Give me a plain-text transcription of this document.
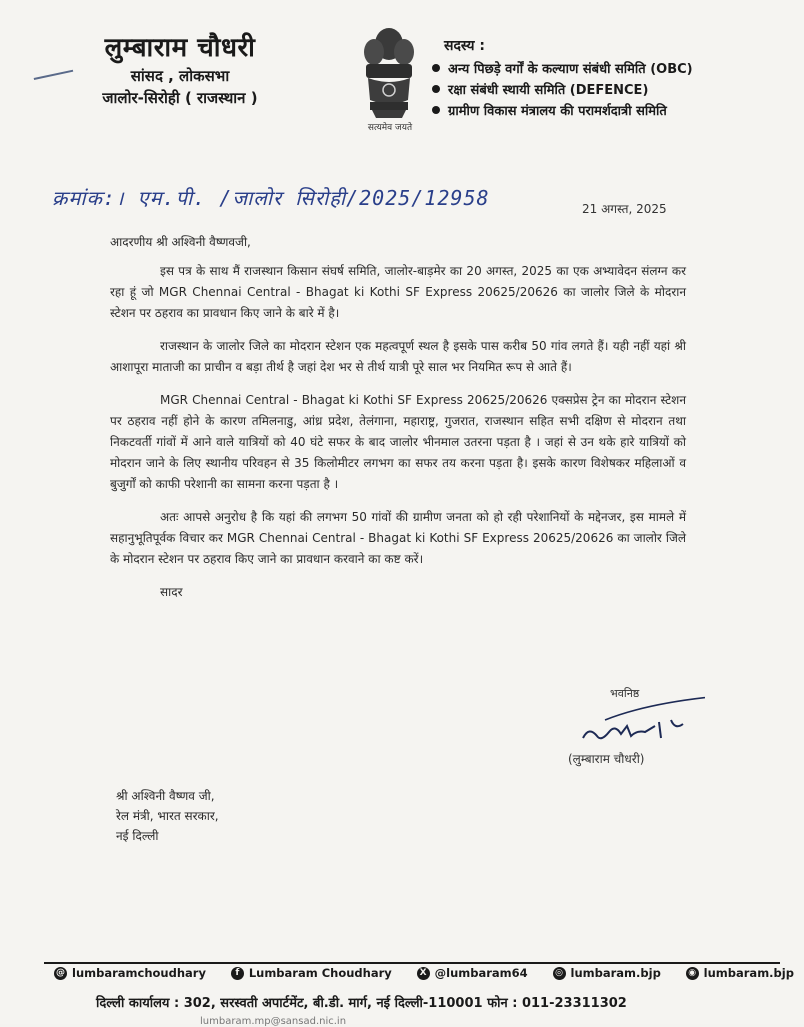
लुम्बाराम चौधरी
सांसद , लोकसभा
जालोर-सिरोही ( राजस्थान )
सत्यमेव जयते
सदस्य :
अन्य पिछड़े वर्गों के कल्याण संबंधी समिति (OBC)
रक्षा संबंधी स्थायी समिति (DEFENCE)
ग्रामीण विकास मंत्रालय की परामर्शदात्री समिति
क्रमांक:। एम.पी. /जालोर सिरोही/2025/12958	21 अगस्त, 2025
आदरणीय श्री अश्विनी वैष्णवजी,

इस पत्र के साथ मैं राजस्थान किसान संघर्ष समिति, जालोर-बाड़मेर का 20 अगस्त, 2025 का एक अभ्यावेदन संलग्न कर रहा हूं जो MGR Chennai Central - Bhagat ki Kothi SF Express 20625/20626 का जालोर जिले के मोदरान स्टेशन पर ठहराव का प्रावधान किए जाने के बारे में है।

राजस्थान के जालोर जिले का मोदरान स्टेशन एक महत्वपूर्ण स्थल है इसके पास करीब 50 गांव लगते हैं। यही नहीं यहां श्री आशापूरा माताजी का प्राचीन व बड़ा तीर्थ है जहां देश भर से तीर्थ यात्री पूरे साल भर नियमित रूप से आते हैं।

MGR Chennai Central - Bhagat ki Kothi SF Express 20625/20626 एक्सप्रेस ट्रेन का मोदरान स्टेशन पर ठहराव नहीं होने के कारण तमिलनाडु, आंध्र प्रदेश, तेलंगाना, महाराष्ट्र, गुजरात, राजस्थान सहित सभी दक्षिण से मोदरान तथा निकटवर्ती गांवों में आने वाले यात्रियों को 40 घंटे सफर के बाद जालोर भीनमाल उतरना पड़ता है । जहां से उन थके हारे यात्रियों को मोदरान जाने के लिए स्थानीय परिवहन से 35 किलोमीटर लगभग का सफर तय करना पड़ता है। इसके कारण विशेषकर महिलाओं व बुजुर्गों को काफी परेशानी का सामना करना पड़ता है ।

अतः आपसे अनुरोध है कि यहां की लगभग 50 गांवों की ग्रामीण जनता को हो रही परेशानियों के मद्देनजर, इस मामले में सहानुभूतिपूर्वक विचार कर MGR Chennai Central - Bhagat ki Kothi SF Express 20625/20626 का जालोर जिले के मोदरान स्टेशन पर ठहराव किए जाने का प्रावधान करवाने का कष्ट करें।

सादर
भवनिष्ठ
(लुम्बाराम चौधरी)
श्री अश्विनी वैष्णव जी,
रेल मंत्री, भारत सरकार,
नई दिल्ली
@ lumbaramchoudhary	f Lumbaram Choudhary	X @lumbaram64	◎ lumbaram.bjp	◉ lumbaram.bjp
दिल्ली कार्यालय : 302, सरस्वती अपार्टमेंट, बी.डी. मार्ग, नई दिल्ली-110001 फोन : 011-23311302
lumbaram.mp@sansad.nic.in
